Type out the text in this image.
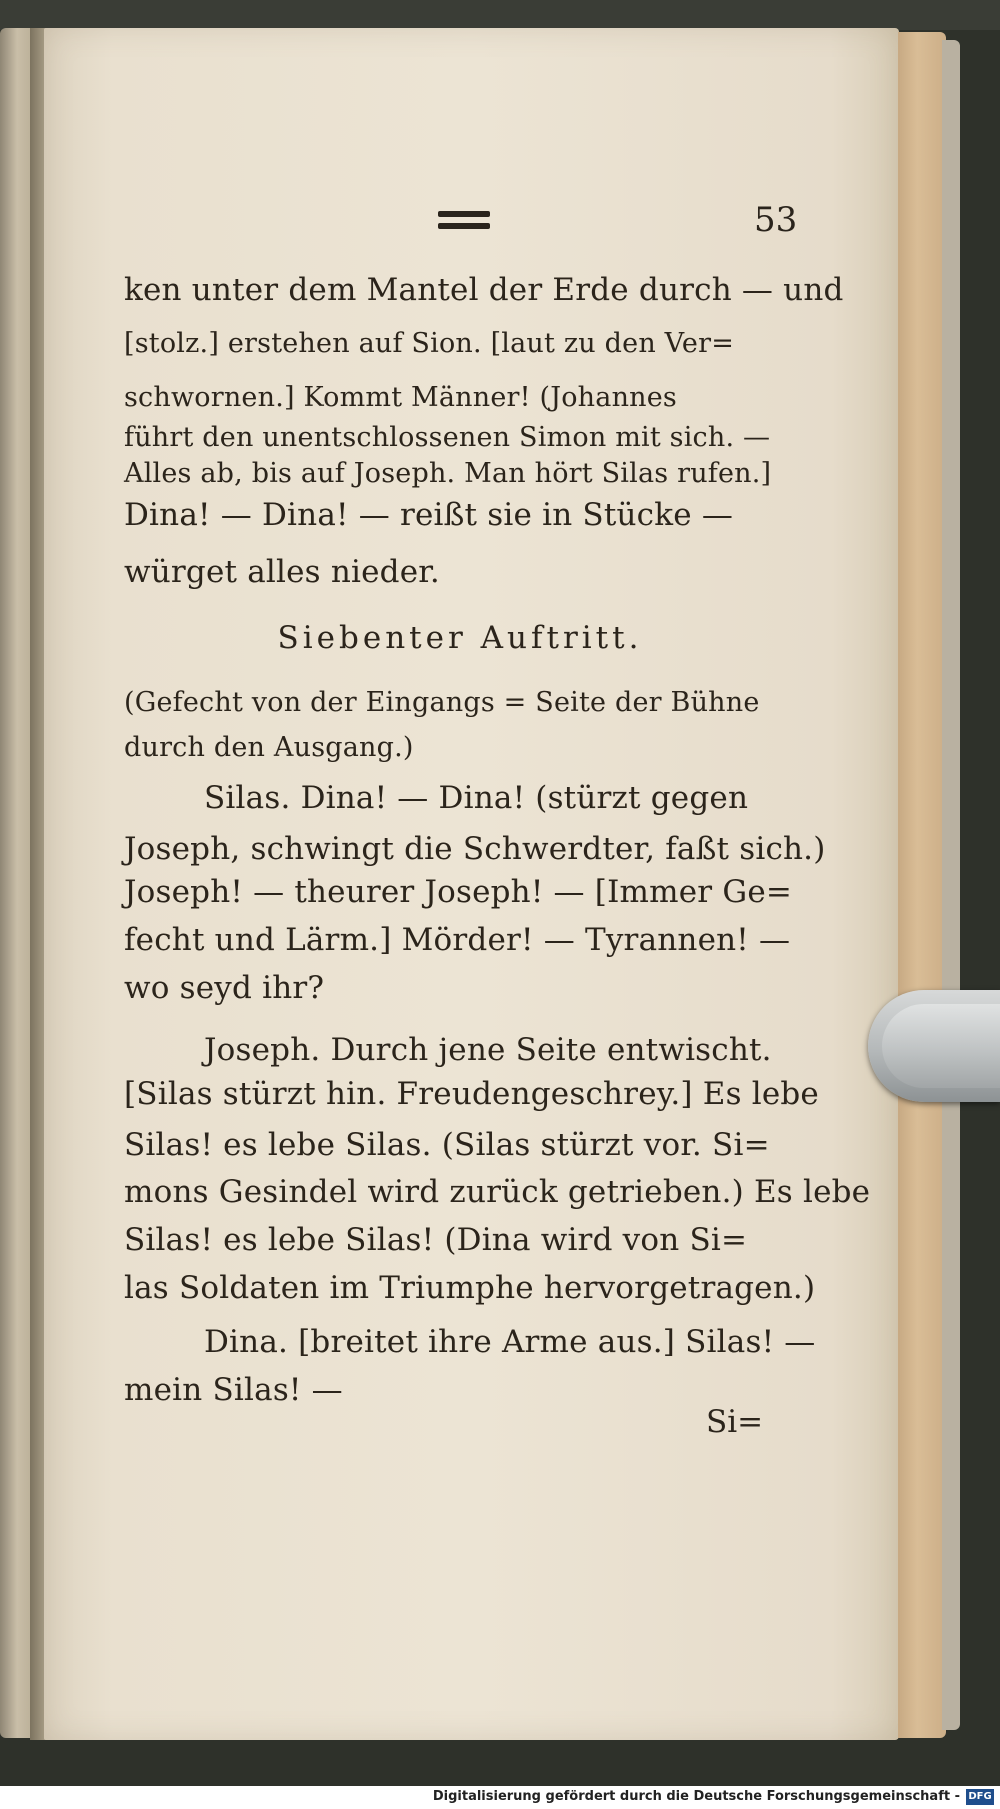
53
ken unter dem Mantel der Erde durch — und
[stolz.] erstehen auf Sion. [laut zu den Ver=
schwornen.] Kommt Männer! (Johannes
führt den unentschlossenen Simon mit sich. —
Alles ab, bis auf Joseph. Man hört Silas rufen.]
Dina! — Dina! — reißt sie in Stücke —
würget alles nieder.
Siebenter Auftritt.
(Gefecht von der Eingangs = Seite der Bühne
durch den Ausgang.)
Silas. Dina! — Dina! (stürzt gegen
Joseph, schwingt die Schwerdter, faßt sich.)
Joseph! — theurer Joseph! — [Immer Ge=
fecht und Lärm.] Mörder! — Tyrannen! —
wo seyd ihr?
Joseph. Durch jene Seite entwischt.
[Silas stürzt hin. Freudengeschrey.] Es lebe
Silas! es lebe Silas. (Silas stürzt vor. Si=
mons Gesindel wird zurück getrieben.) Es lebe
Silas! es lebe Silas! (Dina wird von Si=
las Soldaten im Triumphe hervorgetragen.)
Dina. [breitet ihre Arme aus.] Silas! —
mein Silas! —
Si=
Digitalisierung gefördert durch die Deutsche Forschungsgemeinschaft - DFG
